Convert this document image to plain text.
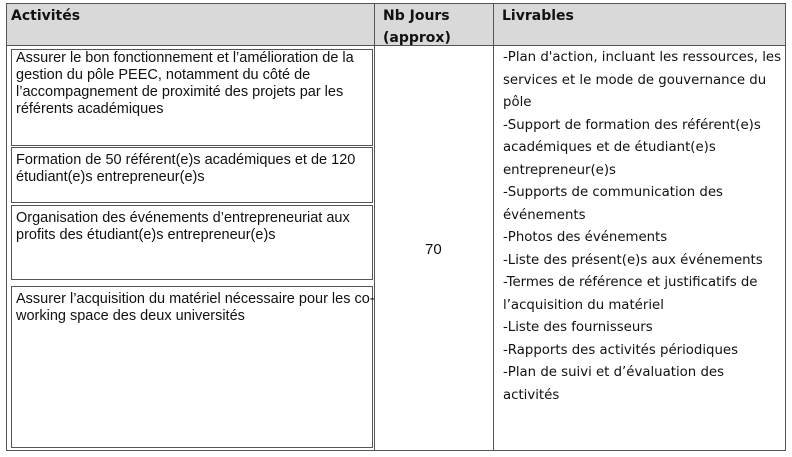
Activités	Nb Jours
(approx)
Livrables
Assurer le bon fonctionnement et l’amélioration de la gestion du pôle PEEC, notamment du côté de l’accompagnement de proximité des projets par les référents académiques
Formation de 50 référent(e)s académiques et de 120 étudiant(e)s entrepreneur(e)s
Organisation des événements d’entrepreneuriat aux profits des étudiant(e)s entrepreneur(e)s
Assurer l’acquisition du matériel nécessaire pour les co-working space des deux universités
70
-Plan d'action, incluant les ressources, les services et le mode de gouvernance du pôle
-Support de formation des référent(e)s académiques et de étudiant(e)s entrepreneur(e)s
-Supports de communication des événements
-Photos des événements
-Liste des présent(e)s aux événements
-Termes de référence et justificatifs de l’acquisition du matériel
-Liste des fournisseurs
-Rapports des activités périodiques
-Plan de suivi et d’évaluation des activités
